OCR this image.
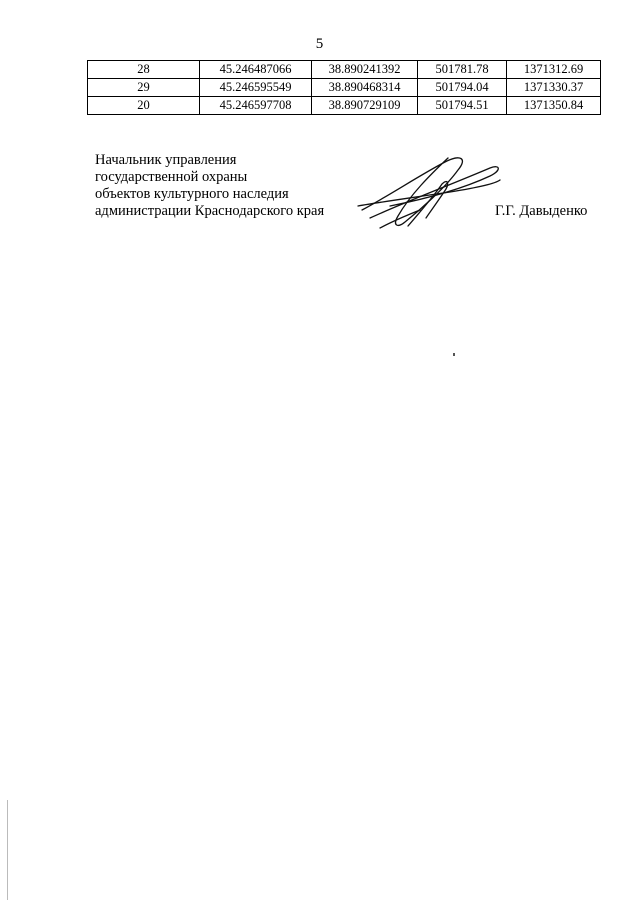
5
28	45.246487066	38.890241392	501781.78	1371312.69
29	45.246595549	38.890468314	501794.04	1371330.37
20	45.246597708	38.890729109	501794.51	1371350.84
Начальник управления
государственной охраны
объектов культурного наследия
администрации Краснодарского края	Г.Г. Давыденко
